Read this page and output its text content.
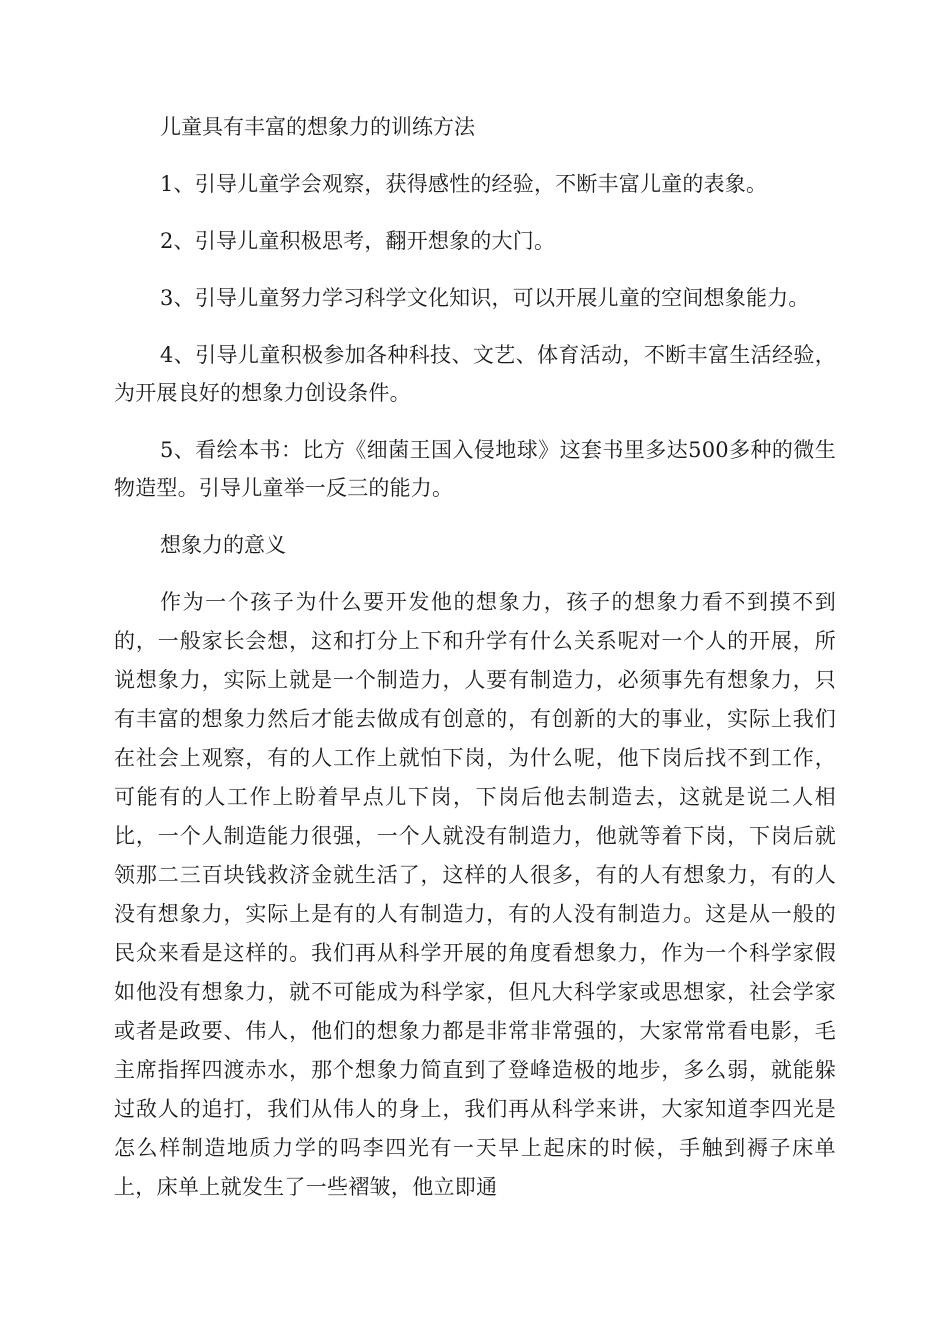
儿童具有丰富的想象力的训练方法

1、引导儿童学会观察，获得感性的经验，不断丰富儿童的表象。

2、引导儿童积极思考，翻开想象的大门。

3、引导儿童努力学习科学文化知识，可以开展儿童的空间想象能力。

4、引导儿童积极参加各种科技、文艺、体育活动，不断丰富生活经验，为开展良好的想象力创设条件。

5、看绘本书：比方《细菌王国入侵地球》这套书里多达500多种的微生物造型。引导儿童举一反三的能力。

想象力的意义

作为一个孩子为什么要开发他的想象力，孩子的想象力看不到摸不到的，一般家长会想，这和打分上下和升学有什么关系呢对一个人的开展，所说想象力，实际上就是一个制造力，人要有制造力，必须事先有想象力，只有丰富的想象力然后才能去做成有创意的，有创新的大的事业，实际上我们在社会上观察，有的人工作上就怕下岗，为什么呢，他下岗后找不到工作，可能有的人工作上盼着早点儿下岗，下岗后他去制造去，这就是说二人相比，一个人制造能力很强，一个人就没有制造力，他就等着下岗，下岗后就领那二三百块钱救济金就生活了，这样的人很多，有的人有想象力，有的人没有想象力，实际上是有的人有制造力，有的人没有制造力。这是从一般的民众来看是这样的。我们再从科学开展的角度看想象力，作为一个科学家假如他没有想象力，就不可能成为科学家，但凡大科学家或思想家，社会学家或者是政要、伟人，他们的想象力都是非常非常强的，大家常常看电影，毛主席指挥四渡赤水，那个想象力简直到了登峰造极的地步，多么弱，就能躲过敌人的追打，我们从伟人的身上，我们再从科学来讲，大家知道李四光是怎么样制造地质力学的吗李四光有一天早上起床的时候，手触到褥子床单上，床单上就发生了一些褶皱，他立即通
